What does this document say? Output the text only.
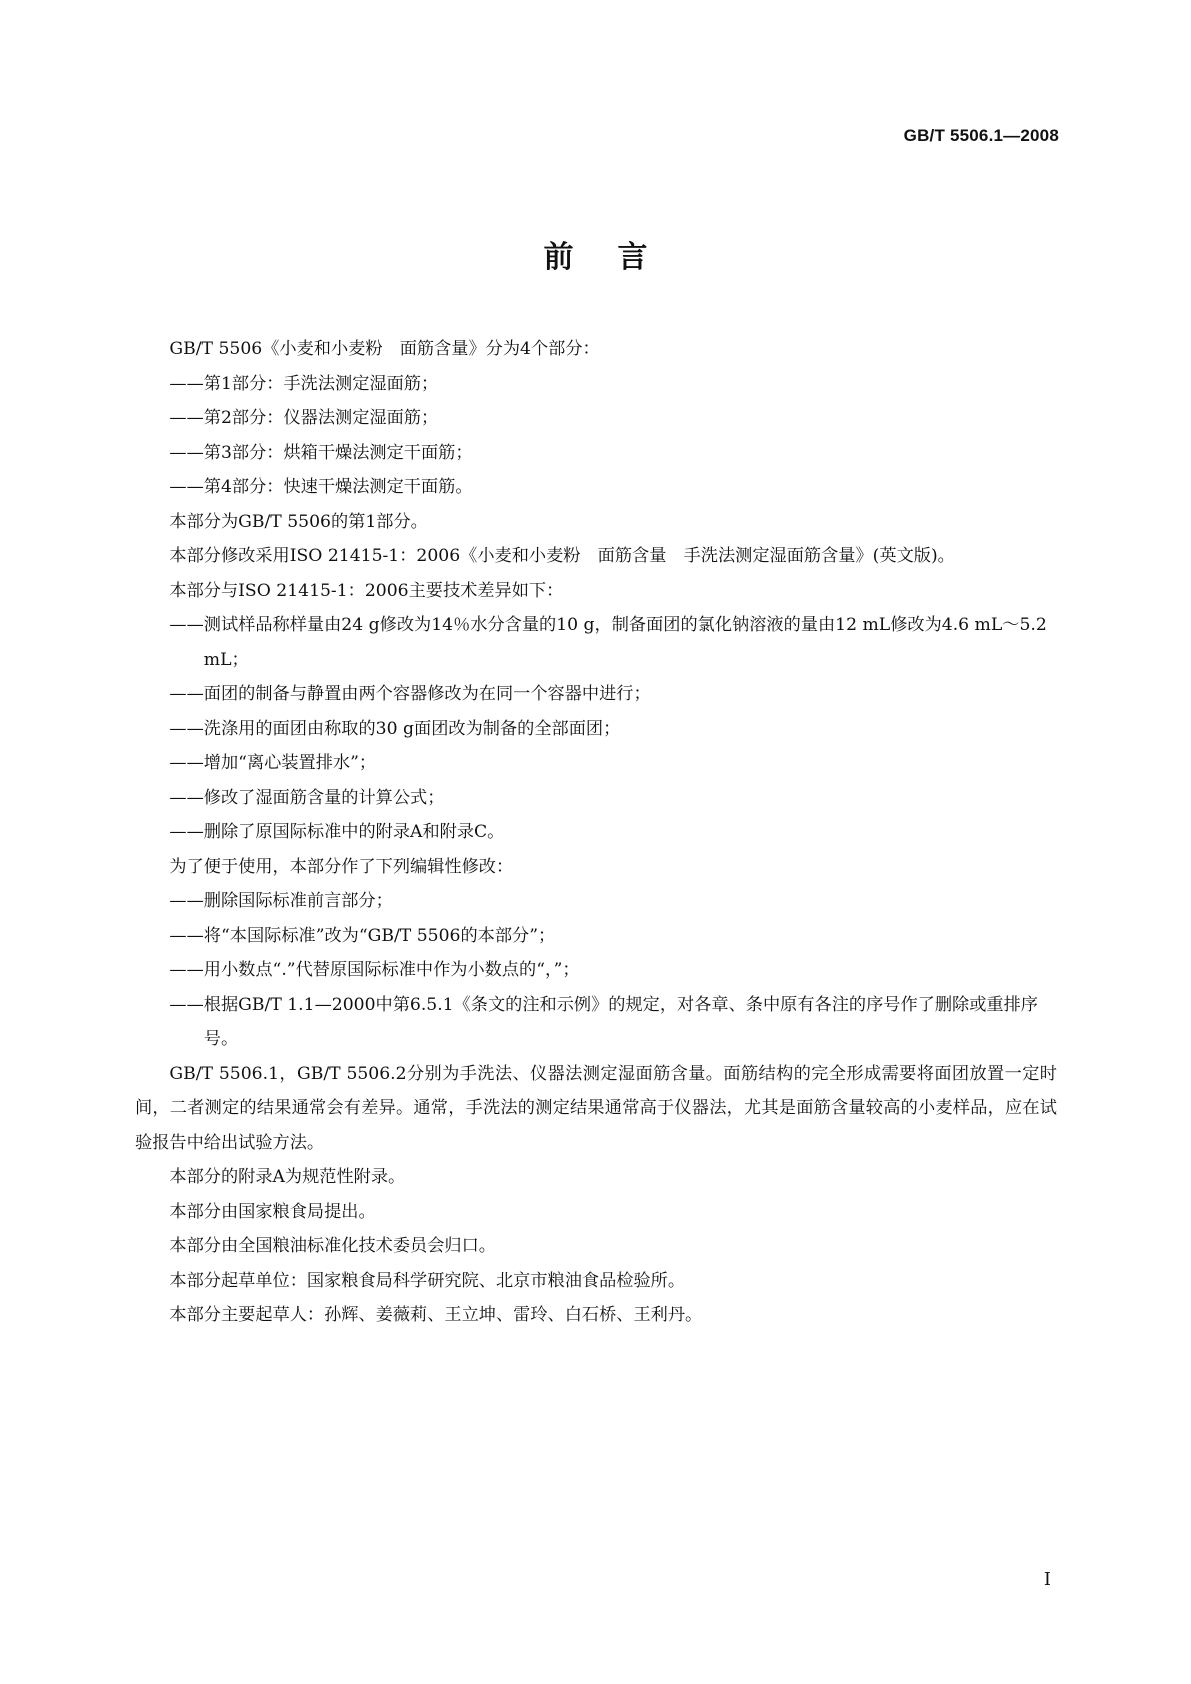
GB/T 5506.1—2008
前言

GB/T 5506《小麦和小麦粉　面筋含量》分为4个部分：

——第1部分：手洗法测定湿面筋；

——第2部分：仪器法测定湿面筋；

——第3部分：烘箱干燥法测定干面筋；

——第4部分：快速干燥法测定干面筋。

本部分为GB/T 5506的第1部分。

本部分修改采用ISO 21415-1：2006《小麦和小麦粉　面筋含量　手洗法测定湿面筋含量》(英文版)。

本部分与ISO 21415-1：2006主要技术差异如下：

——测试样品称样量由24 g修改为14％水分含量的10 g，制备面团的氯化钠溶液的量由12 mL修改为4.6 mL～5.2 mL；

——面团的制备与静置由两个容器修改为在同一个容器中进行；

——洗涤用的面团由称取的30 g面团改为制备的全部面团；

——增加“离心装置排水”；

——修改了湿面筋含量的计算公式；

——删除了原国际标准中的附录A和附录C。

为了便于使用，本部分作了下列编辑性修改：

——删除国际标准前言部分；

——将“本国际标准”改为“GB/T 5506的本部分”；

——用小数点“.”代替原国际标准中作为小数点的“，”；

——根据GB/T 1.1—2000中第6.5.1《条文的注和示例》的规定，对各章、条中原有各注的序号作了删除或重排序号。

GB/T 5506.1，GB/T 5506.2分别为手洗法、仪器法测定湿面筋含量。面筋结构的完全形成需要将面团放置一定时间，二者测定的结果通常会有差异。通常，手洗法的测定结果通常高于仪器法，尤其是面筋含量较高的小麦样品，应在试验报告中给出试验方法。

本部分的附录A为规范性附录。

本部分由国家粮食局提出。

本部分由全国粮油标准化技术委员会归口。

本部分起草单位：国家粮食局科学研究院、北京市粮油食品检验所。

本部分主要起草人：孙辉、姜薇莉、王立坤、雷玲、白石桥、王利丹。

I
